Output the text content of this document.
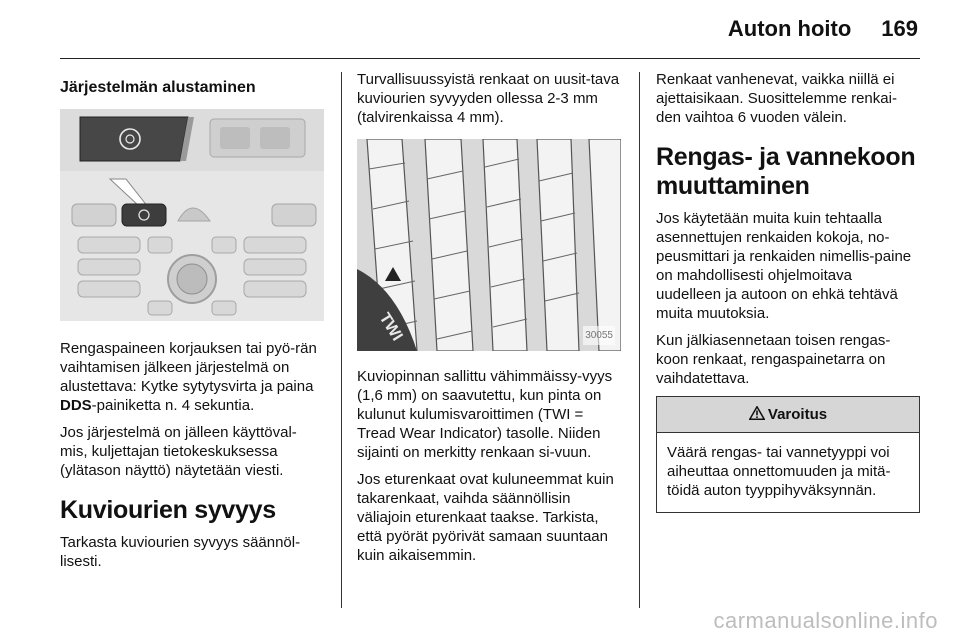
Auton hoito 169
Järjestelmän alustaminen

Rengaspaineen korjauksen tai pyö-rän vaihtamisen jälkeen järjestelmä on alustettava: Kytke sytytysvirta ja paina DDS-painiketta n. 4 sekuntia.

Jos järjestelmä on jälleen käyttöval-mis, kuljettajan tietokeskuksessa (ylätason näyttö) näytetään viesti.

Kuviourien syvyys

Tarkasta kuviourien syvyys säännöl-lisesti.

Turvallisuussyistä renkaat on uusit-tava kuviourien syvyyden ollessa 2-3 mm (talvirenkaissa 4 mm).

TWI	30055

Kuviopinnan sallittu vähimmäissy-vyys (1,6 mm) on saavutettu, kun pinta on kulunut kulumisvaroittimen (TWI = Tread Wear Indicator) tasolle. Niiden sijainti on merkitty renkaan si-vuun.

Jos eturenkaat ovat kuluneemmat kuin takarenkaat, vaihda säännöllisin väliajoin eturenkaat taakse. Tarkista, että pyörät pyörivät samaan suuntaan kuin aikaisemmin.

Renkaat vanhenevat, vaikka niillä ei ajettaisikaan. Suosittelemme renkai-den vaihtoa 6 vuoden välein.

Rengas- ja vannekoon muuttaminen

Jos käytetään muita kuin tehtaalla asennettujen renkaiden kokoja, no-peusmittari ja renkaiden nimellis-paine on mahdollisesti ohjelmoitava uudelleen ja autoon on ehkä tehtävä muita muutoksia.

Kun jälkiasennetaan toisen rengas-koon renkaat, rengaspainetarra on vaihdatettava.

Varoitus
Väärä rengas- tai vannetyyppi voi aiheuttaa onnettomuuden ja mitä-töidä auton tyyppihyväksynnän.
carmanualsonline.info
